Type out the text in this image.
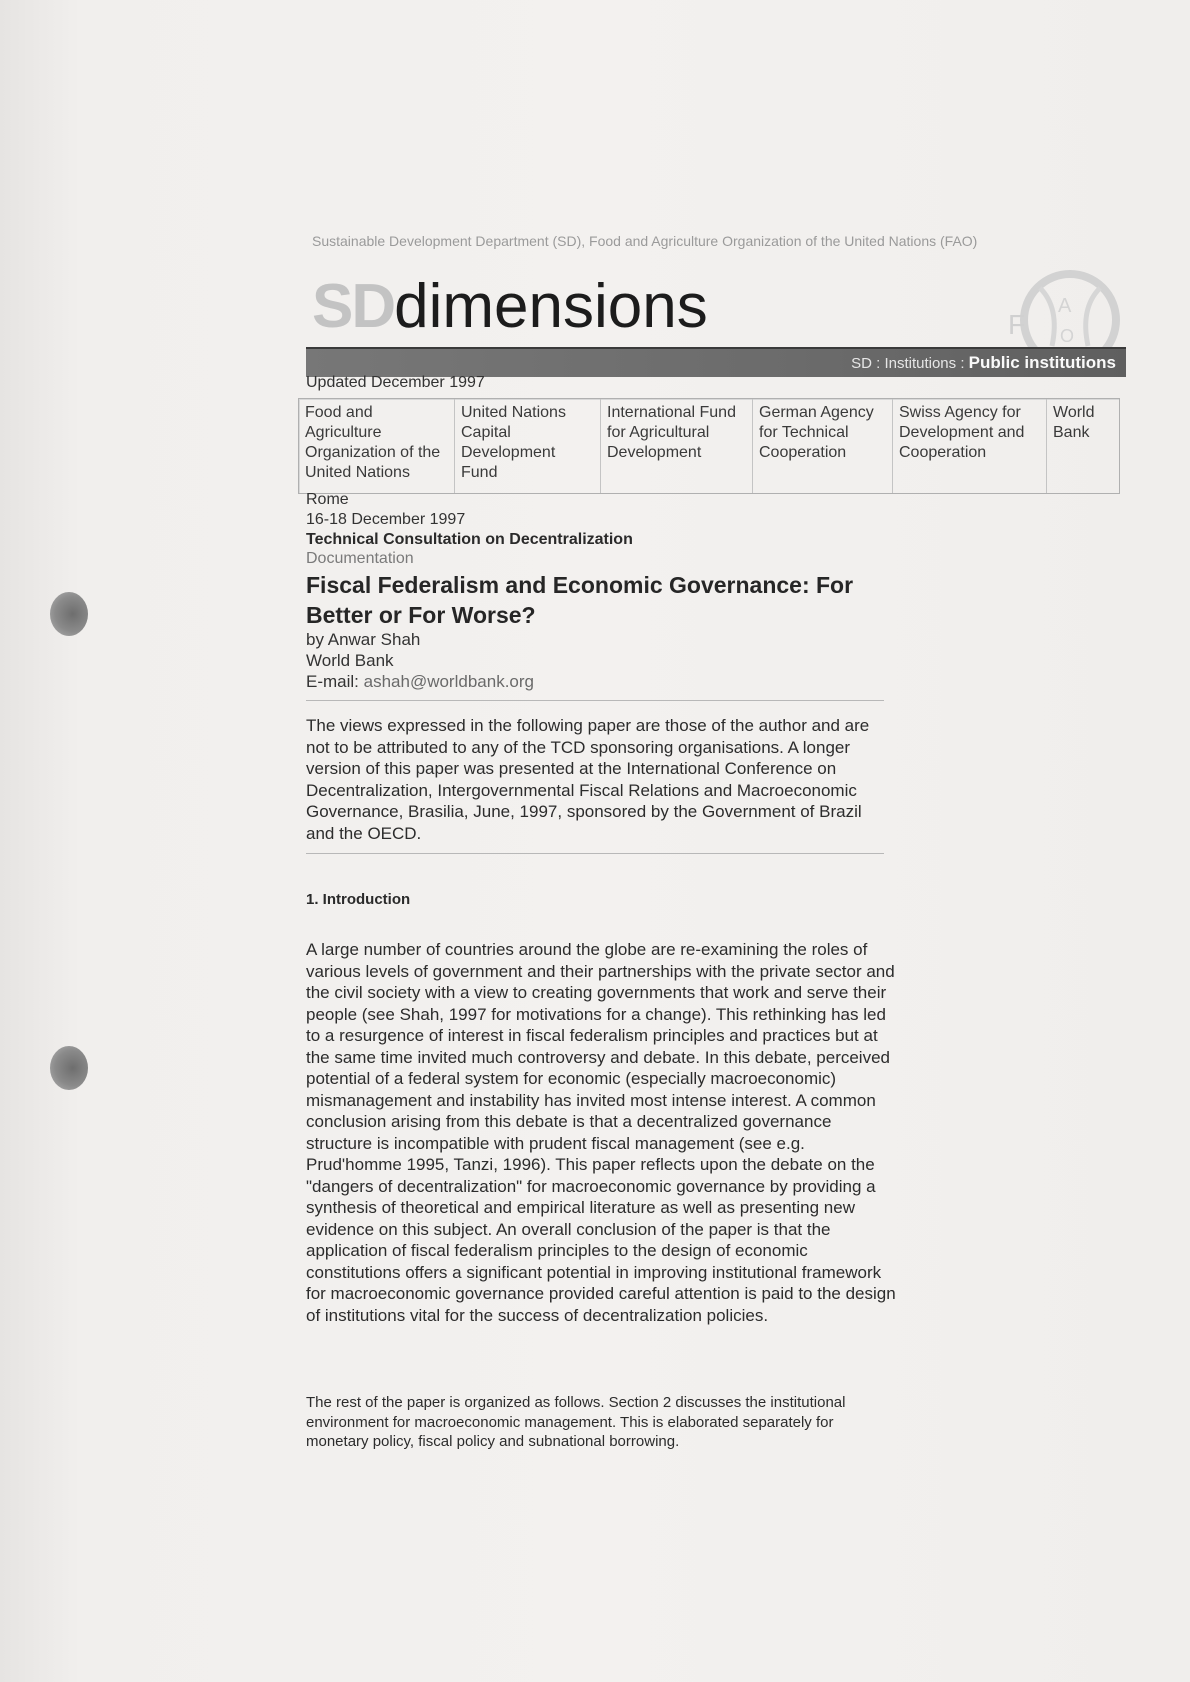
Sustainable Development Department (SD), Food and Agriculture Organization of the United Nations (FAO)
SDdimensions	F
A
O
SD : Institutions : Public institutions
Updated December 1997
Food and Agriculture Organization of the United Nations
United Nations Capital Development Fund
International Fund for Agricultural Development
German Agency for Technical Cooperation
Swiss Agency for Development and Cooperation
World Bank
Rome
16-18 December 1997
Technical Consultation on Decentralization
Documentation
Fiscal Federalism and Economic Governance: For Better or For Worse?
by Anwar Shah
World Bank
E-mail: ashah@worldbank.org

The views expressed in the following paper are those of the author and are not to be attributed to any of the TCD sponsoring organisations. A longer version of this paper was presented at the International Conference on Decentralization, Intergovernmental Fiscal Relations and Macroeconomic Governance, Brasilia, June, 1997, sponsored by the Government of Brazil and the OECD.

1. Introduction

A large number of countries around the globe are re-examining the roles of various levels of government and their partnerships with the private sector and the civil society with a view to creating governments that work and serve their people (see Shah, 1997 for motivations for a change). This rethinking has led to a resurgence of interest in fiscal federalism principles and practices but at the same time invited much controversy and debate. In this debate, perceived potential of a federal system for economic (especially macroeconomic) mismanagement and instability has invited most intense interest. A common conclusion arising from this debate is that a decentralized governance structure is incompatible with prudent fiscal management (see e.g. Prud'homme 1995, Tanzi, 1996). This paper reflects upon the debate on the "dangers of decentralization" for macroeconomic governance by providing a synthesis of theoretical and empirical literature as well as presenting new evidence on this subject. An overall conclusion of the paper is that the application of fiscal federalism principles to the design of economic constitutions offers a significant potential in improving institutional framework for macroeconomic governance provided careful attention is paid to the design of institutions vital for the success of decentralization policies.

The rest of the paper is organized as follows. Section 2 discusses the institutional environment for macroeconomic management. This is elaborated separately for monetary policy, fiscal policy and subnational borrowing.
